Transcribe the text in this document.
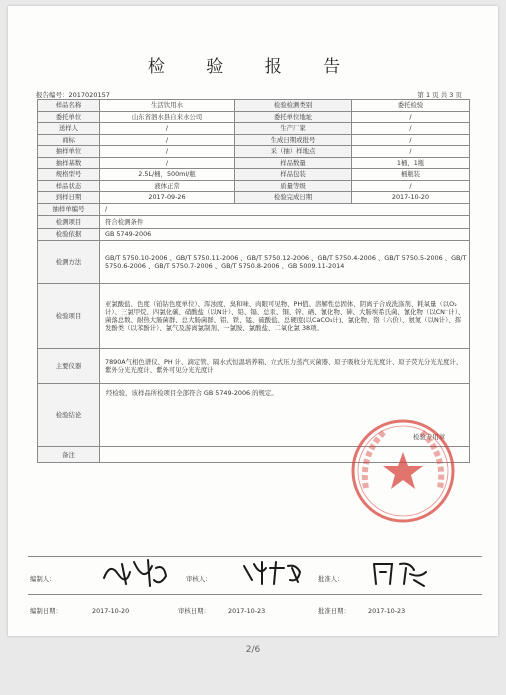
检 验 报 告
报告编号：2017020157	第 1 页 共 3 页
样品名称	生活饮用水	检验检测类别	委托检验
委托单位	山东省泗水县自来水公司	委托单位地址	/
送样人	/	生产厂家	/
商标	/	生成日期或批号	/
抽样单位	/	采（抽）样地点	/
抽样基数	/	样品数量	1桶，1瓶
规格型号	2.5L/桶，500ml/瓶	样品包装	桶瓶装
样品状态	液体正常	质量等级	/
到样日期	2017-09-26	检验完成日期	2017-10-20
抽样单编号	/		
检测项目	符合检测条件		
检验依据	GB 5749-2006		
检测方法	GB/T 5750.10-2006 、GB/T 5750.11-2006 、GB/T 5750.12-2006 、GB/T 5750.4-2006 、GB/T 5750.5-2006 、GB/T 5750.6-2006 、GB/T 5750.7-2006 、GB/T 5750.8-2006 、GB 5009.11-2014		
检验项目	亚氯酸盐、色度（铂钴色度单位）、浑浊度、臭和味、肉眼可见物、PH值、溶解性总固体、阴离子合成洗涤剂、耗氧量（以O₂计）、三氯甲烷、四氯化碳、硝酸盐（以N计）、铅、镉、总汞、铜、锌、硒、氰化物、砷、大肠埃希氏菌、氰化物（以CN⁻计）、菌落总数、耐热大肠菌群、总大肠菌群、铝、铁、锰、硫酸盐、总硬度(以CaCO₃计)、氯化物、铬（六价）、氨氮（以N计）、挥发酚类（以苯酚计）、氯气及游离氯制剂、一氯胺、氯酸盐、二氧化氯 38项。		
主要仪器	7890A气相色谱仪、PH 计、滴定管、隔水式恒温培养箱、立式压力蒸汽灭菌器、原子吸收分光光度计、原子荧光分光光度计、紫外分光光度计、紫外可见分光光度计		
检验结论	经检验，该样品所检项目全部符合 GB 5749-2006 的规定。
检验专用章		

备注			
编制人：	审核人：	批准人：
编制日期：	2017-10-20	审核日期：	2017-10-23	批准日期：	2017-10-23
2/6
